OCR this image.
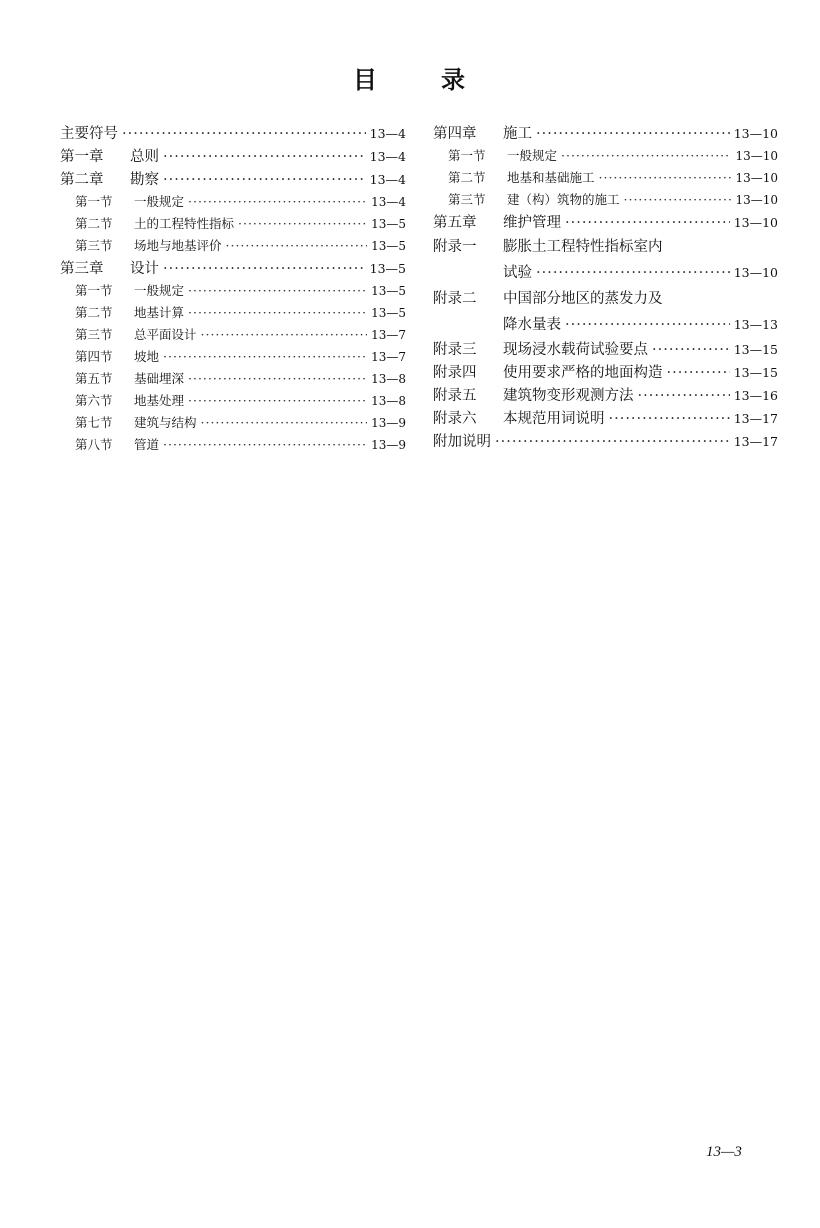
目	录
主要符号 ·····	13—4
第一章	总则 ·····	13—4
第二章	勘察 ·····	13—4
第一节	一般规定 ·····	13—4
第二节	土的工程特性指标 ·····	13—5
第三节	场地与地基评价 ·····	13—5
第三章	设计 ·····	13—5
第一节	一般规定 ·····	13—5
第二节	地基计算 ·····	13—5
第三节	总平面设计 ·····	13—7
第四节	坡地 ·····	13—7
第五节	基础埋深 ·····	13—8
第六节	地基处理 ·····	13—8
第七节	建筑与结构 ·····	13—9
第八节	管道 ·····	13—9
第四章	施工 ·····	13—10
第一节	一般规定 ·····	13—10
第二节	地基和基础施工 ·····	13—10
第三节	建（构）筑物的施工 ·····	13—10
第五章	维护管理 ·····	13—10
附录一	膨胀土工程特性指标室内
试验 ·····	13—10
附录二	中国部分地区的蒸发力及
降水量表 ·····	13—13
附录三	现场浸水载荷试验要点 ·····	13—15
附录四	使用要求严格的地面构造 ·····	13—15
附录五	建筑物变形观测方法 ·····	13—16
附录六	本规范用词说明 ·····	13—17
附加说明 ·····	13—17
13—3
